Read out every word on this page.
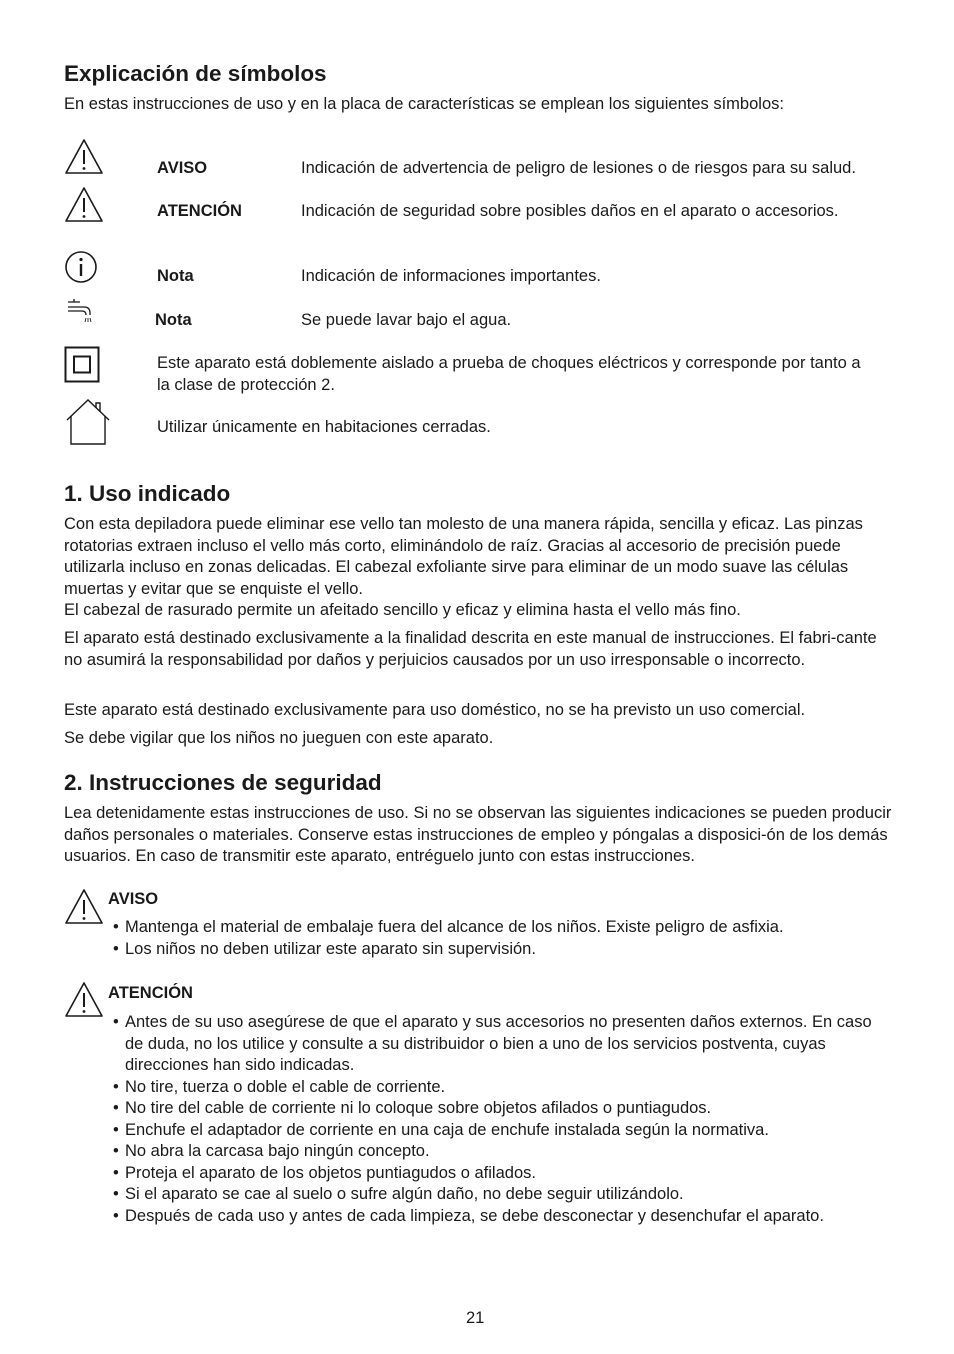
Explicación de símbolos

En estas instrucciones de uso y en la placa de características se emplean los siguientes símbolos:

AVISO	Indicación de advertencia de peligro de lesiones o de riesgos para su salud.
ATENCIÓN	Indicación de seguridad sobre posibles daños en el aparato o accesorios.
Nota	Indicación de informaciones importantes.
Nota	Se puede lavar bajo el agua.
Este aparato está doblemente aislado a prueba de choques eléctricos y corresponde por tanto a la clase de protección 2.
Utilizar únicamente en habitaciones cerradas.
1. Uso indicado

Con esta depiladora puede eliminar ese vello tan molesto de una manera rápida, sencilla y eficaz. Las pinzas rotatorias extraen incluso el vello más corto, eliminándolo de raíz. Gracias al accesorio de precisión puede utilizarla incluso en zonas delicadas. El cabezal exfoliante sirve para eliminar de un modo suave las células muertas y evitar que se enquiste el vello.

El cabezal de rasurado permite un afeitado sencillo y eficaz y elimina hasta el vello más fino.

El aparato está destinado exclusivamente a la finalidad descrita en este manual de instrucciones. El fabri-cante no asumirá la responsabilidad por daños y perjuicios causados por un uso irresponsable o incorrecto.

Este aparato está destinado exclusivamente para uso doméstico, no se ha previsto un uso comercial.

Se debe vigilar que los niños no jueguen con este aparato.

2. Instrucciones de seguridad

Lea detenidamente estas instrucciones de uso. Si no se observan las siguientes indicaciones se pueden producir daños personales o materiales. Conserve estas instrucciones de empleo y póngalas a disposici-ón de los demás usuarios. En caso de transmitir este aparato, entréguelo junto con estas instrucciones.

AVISO
• Mantenga el material de embalaje fuera del alcance de los niños. Existe peligro de asfixia.
• Los niños no deben utilizar este aparato sin supervisión.
ATENCIÓN
• Antes de su uso asegúrese de que el aparato y sus accesorios no presenten daños externos. En caso de duda, no los utilice y consulte a su distribuidor o bien a uno de los servicios postventa, cuyas direcciones han sido indicadas.
• No tire, tuerza o doble el cable de corriente.
• No tire del cable de corriente ni lo coloque sobre objetos afilados o puntiagudos.
• Enchufe el adaptador de corriente en una caja de enchufe instalada según la normativa.
• No abra la carcasa bajo ningún concepto.
• Proteja el aparato de los objetos puntiagudos o afilados.
• Si el aparato se cae al suelo o sufre algún daño, no debe seguir utilizándolo.
• Después de cada uso y antes de cada limpieza, se debe desconectar y desenchufar el aparato.
21
